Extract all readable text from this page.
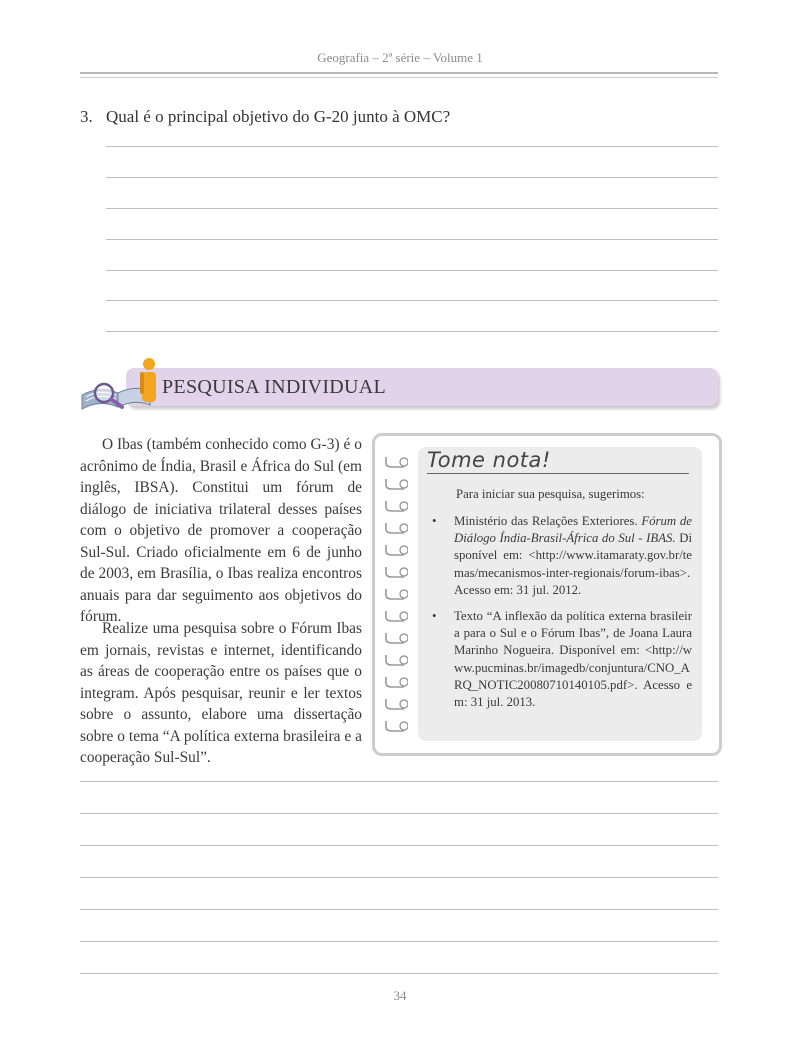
Geografia – 2ª série – Volume 1
3. Qual é o principal objetivo do G-20 junto à OMC?
PESQUISA INDIVIDUAL

O Ibas (também conhecido como G-3) é o acrônimo de Índia, Brasil e África do Sul (em inglês, IBSA). Constitui um fórum de diálogo de iniciativa trilateral desses países com o objetivo de promover a cooperação Sul-Sul. Criado oficialmente em 6 de junho de 2003, em Brasília, o Ibas realiza encontros anuais para dar seguimento aos objetivos do fórum.

Realize uma pesquisa sobre o Fórum Ibas em jornais, revistas e internet, identificando as áreas de cooperação entre os países que o integram. Após pesquisar, reunir e ler textos sobre o assunto, elabore uma dissertação sobre o tema “A política externa brasileira e a cooperação Sul-Sul”.

Tome nota!
Para iniciar sua pesquisa, sugerimos:
• Ministério das Relações Exteriores. Fórum de Diálogo Índia-Brasil-África do Sul - IBAS. Disponível em: <http://www.itamaraty.gov.br/temas/mecanismos-inter-regionais/forum-ibas>. Acesso em: 31 jul. 2012.
• Texto “A inflexão da política externa brasileira para o Sul e o Fórum Ibas”, de Joana Laura Marinho Nogueira. Disponível em: <http://www.pucminas.br/imagedb/conjuntura/CNO_ARQ_NOTIC20080710140105.pdf>. Acesso em: 31 jul. 2013.
34
